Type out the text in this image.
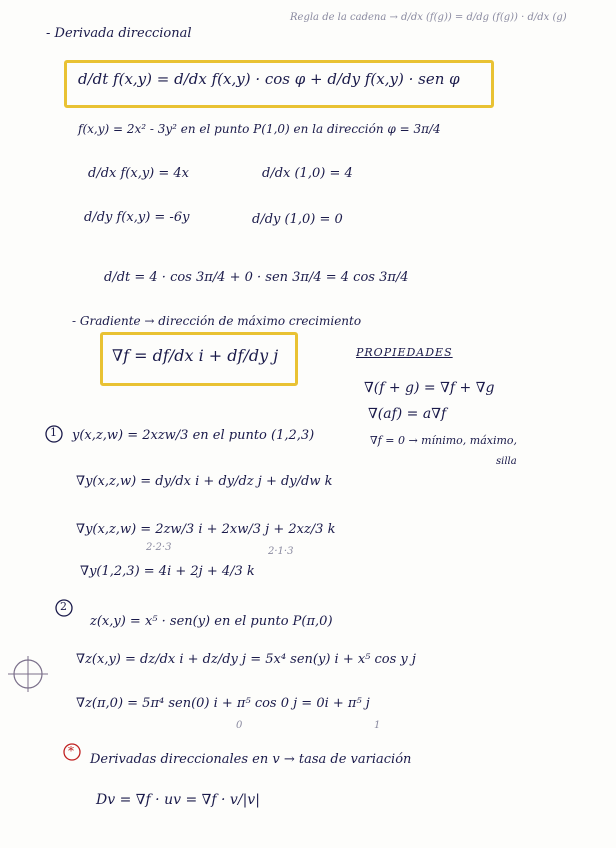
- Derivada direccional
Regla de la cadena → d/dx (f(g)) = d/dg (f(g)) · d/dx (g)
d/dt f(x,y) = d/dx f(x,y) · cos φ + d/dy f(x,y) · sen φ
f(x,y) = 2x² - 3y² en el punto P(1,0) en la dirección φ = 3π/4
d/dx f(x,y) = 4x	d/dx (1,0) = 4
d/dy f(x,y) = -6y	d/dy (1,0) = 0
d/dt = 4 · cos 3π/4 + 0 · sen 3π/4 = 4 cos 3π/4
- Gradiente → dirección de máximo crecimiento
∇f = df/dx i + df/dy j	PROPIEDADES
∇(f + g) = ∇f + ∇g
∇(af) = a∇f
1 y(x,z,w) = 2xzw/3 en el punto (1,2,3)	∇f = 0 → mínimo, máximo,
silla
∇y(x,z,w) = dy/dx i + dy/dz j + dy/dw k
∇y(x,z,w) = 2zw/3 i + 2xw/3 j + 2xz/3 k
2·2·3	2·1·3
∇y(1,2,3) = 4i + 2j + 4/3 k
2
z(x,y) = x⁵ · sen(y) en el punto P(π,0)
∇z(x,y) = dz/dx i + dz/dy j = 5x⁴ sen(y) i + x⁵ cos y j
∇z(π,0) = 5π⁴ sen(0) i + π⁵ cos 0 j = 0i + π⁵ j
0	1
*
Derivadas direccionales en v → tasa de variación
Dv = ∇f · uv = ∇f · v/|v|
